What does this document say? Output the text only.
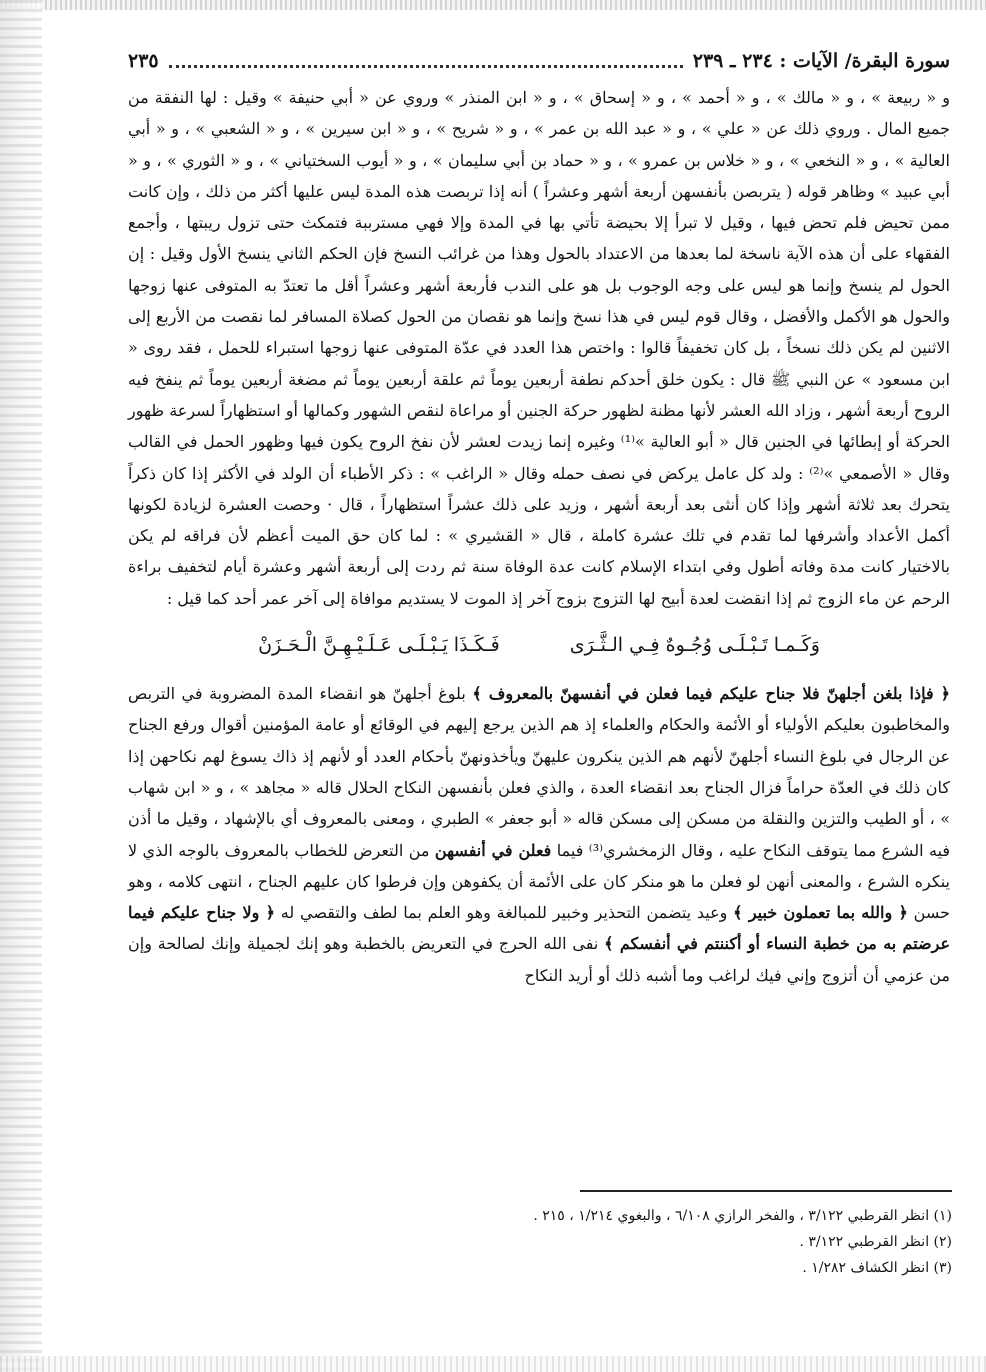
سورة البقرة/ الآيات : ٢٣٤ ـ ٢٣٩
٢٣٥

و « ربيعة » ، و « مالك » ، و « أحمد » ، و « إسحاق » ، و « ابن المنذر » وروي عن « أبي حنيفة » وقيل : لها النفقة من جميع المال . وروي ذلك عن « علي » ، و « عبد الله بن عمر » ، و « شريح » ، و « ابن سيرين » ، و « الشعبي » ، و « أبي العالية » ، و « النخعي » ، و « خلاس بن عمرو » ، و « حماد بن أبي سليمان » ، و « أيوب السختياني » ، و « الثوري » ، و « أبي عبيد » وظاهر قوله ( يتربصن بأنفسهن أربعة أشهر وعشراً ) أنه إذا تربصت هذه المدة ليس عليها أكثر من ذلك ، وإن كانت ممن تحيض فلم تحض فيها ، وقيل لا تبرأ إلا بحيضة تأتي بها في المدة وإلا فهي مسترببة فتمكث حتى تزول ريبتها ، وأجمع الفقهاء على أن هذه الآية ناسخة لما بعدها من الاعتداد بالحول وهذا من غرائب النسخ فإن الحكم الثاني ينسخ الأول وقيل : إن الحول لم ينسخ وإنما هو ليس على وجه الوجوب بل هو على الندب فأربعة أشهر وعشراً أقل ما تعتدّ به المتوفى عنها زوجها والحول هو الأكمل والأفضل ، وقال قوم ليس في هذا نسخ وإنما هو نقصان من الحول كصلاة المسافر لما نقصت من الأربع إلى الاثنين لم يكن ذلك نسخاً ، بل كان تخفيفاً قالوا : واختص هذا العدد في عدّة المتوفى عنها زوجها استبراء للحمل ، فقد روى « ابن مسعود » عن النبي ﷺ قال : يكون خلق أحدكم نطفة أربعين يوماً ثم علقة أربعين يوماً ثم مضغة أربعين يوماً ثم ينفخ فيه الروح أربعة أشهر ، وزاد الله العشر لأنها مظنة لظهور حركة الجنين أو مراعاة لنقص الشهور وكمالها أو استظهاراً لسرعة ظهور الحركة أو إبطائها في الجنين قال « أبو العالية »⁽¹⁾ وغيره إنما زيدت لعشر لأن نفخ الروح يكون فيها وظهور الحمل في القالب وقال « الأصمعي »⁽²⁾ : ولد كل عامل يركض في نصف حمله وقال « الراغب » : ذكر الأطباء أن الولد في الأكثر إذا كان ذكراً يتحرك بعد ثلاثة أشهر وإذا كان أنثى بعد أربعة أشهر ، وزيد على ذلك عشراً استظهاراً ، قال · وحصت العشرة لزيادة لكونها أكمل الأعداد وأشرفها لما تقدم في تلك عشرة كاملة ، قال « القشيري » : لما كان حق الميت أعظم لأن فراقه لم يكن بالاختيار كانت مدة وفاته أطول وفي ابتداء الإسلام كانت عدة الوفاة سنة ثم ردت إلى أربعة أشهر وعشرة أيام لتخفيف براءة الرحم عن ماء الزوج ثم إذا انقضت لعدة أبيح لها التزوج بزوج آخر إذ الموت لا يستديم موافاة إلى آخر عمر أحد كما قيل :

وَكَـمـا تَـبْـلَـى وُجُـوهٌ فِـي الـثَّـرَى
فَـكَـذَا يَـبْـلَـى عَـلَـيْـهِـنَّ الْـحَـزَنْ

﴿ فإذا بلغن أجلهنّ فلا جناح عليكم فيما فعلن في أنفسهنّ بالمعروف ﴾ بلوغ أجلهنّ هو انقضاء المدة المضروبة في التربص والمخاطبون بعليكم الأولياء أو الأئمة والحكام والعلماء إذ هم الذين يرجع إليهم في الوقائع أو عامة المؤمنين أقوال ورفع الجناح عن الرجال في بلوغ النساء أجلهنّ لأنهم هم الذين ينكرون عليهنّ ويأخذونهنّ بأحكام العدد أو لأنهم إذ ذاك يسوغ لهم نكاحهن إذا كان ذلك في العدّة حراماً فزال الجناح بعد انقضاء العدة ، والذي فعلن بأنفسهن النكاح الحلال قاله « مجاهد » ، و « ابن شهاب » ، أو الطيب والتزين والنقلة من مسكن إلى مسكن قاله « أبو جعفر » الطبري ، ومعنى بالمعروف أي بالإشهاد ، وقيل ما أذن فيه الشرع مما يتوقف النكاح عليه ، وقال الزمخشري⁽³⁾ فيما فعلن في أنفسهن من التعرض للخطاب بالمعروف بالوجه الذي لا ينكره الشرع ، والمعنى أنهن لو فعلن ما هو منكر كان على الأئمة أن يكفوهن وإن فرطوا كان عليهم الجناح ، انتهى كلامه ، وهو حسن ﴿ والله بما تعملون خبير ﴾ وعيد يتضمن التحذير وخبير للمبالغة وهو العلم بما لطف والتقصي له ﴿ ولا جناح عليكم فيما عرضتم به من خطبة النساء أو أكننتم في أنفسكم ﴾ نفى الله الحرج في التعريض بالخطبة وهو إنك لجميلة وإنك لصالحة وإن من عزمي أن أتزوج وإني فيك لراغب وما أشبه ذلك أو أريد النكاح

(١) انظر القرطبي ٣/١٢٢ ، والفخر الرازي ٦/١٠٨ ، والبغوي ١/٢١٤ ، ٢١٥ .
(٢) انظر القرطبي ٣/١٢٢ .
(٣) انظر الكشاف ١/٢٨٢ .
